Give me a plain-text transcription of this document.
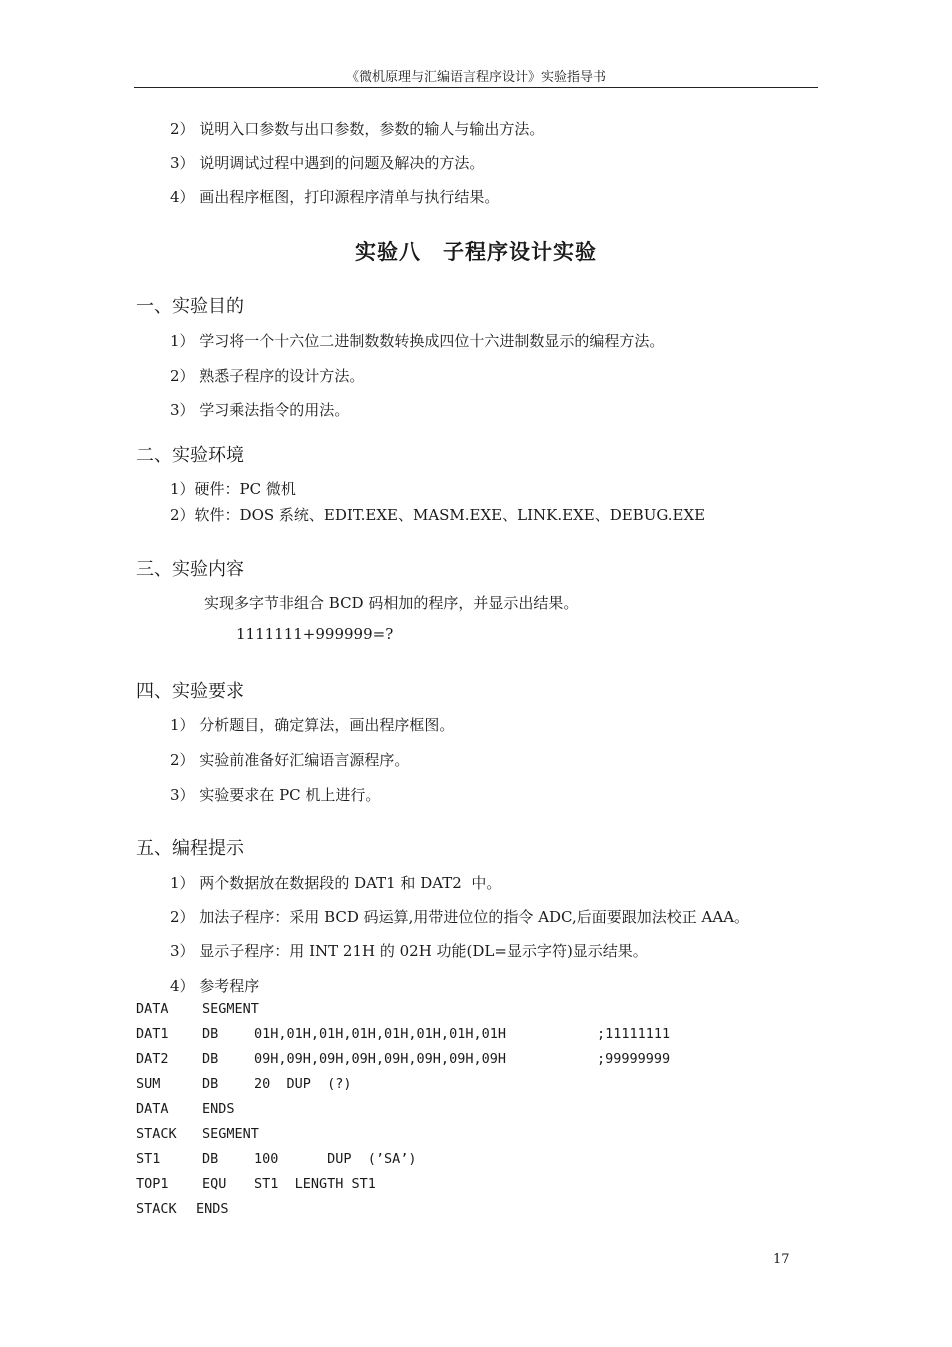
《微机原理与汇编语言程序设计》实验指导书
2） 说明入口参数与出口参数，参数的输人与输出方法。
3） 说明调试过程中遇到的问题及解决的方法。
4） 画出程序框图，打印源程序清单与执行结果。
实验八　子程序设计实验
一、实验目的
1） 学习将一个十六位二进制数数转换成四位十六进制数显示的编程方法。
2） 熟悉子程序的设计方法。
3） 学习乘法指令的用法。
二、实验环境
1）硬件：PC 微机
2）软件：DOS 系统、EDIT.EXE、MASM.EXE、LINK.EXE、DEBUG.EXE
三、实验内容
实现多字节非组合 BCD 码相加的程序，并显示出结果。
1111111+999999=?
四、实验要求
1） 分析题目，确定算法，画出程序框图。
2） 实验前准备好汇编语言源程序。
3） 实验要求在 PC 机上进行。
五、编程提示
1） 两个数据放在数据段的 DAT1 和 DAT2  中。
2） 加法子程序：采用 BCD 码运算,用带进位位的指令 ADC,后面要跟加法校正 AAA。
3） 显示子程序：用 INT 21H 的 02H 功能(DL=显示字符)显示结果。
4） 参考程序
DATA SEGMENT
DAT1 DB	01H,01H,01H,01H,01H,01H,01H,01H	;11111111
DAT2 DB	09H,09H,09H,09H,09H,09H,09H,09H	;99999999
SUM	DB	20  DUP  (?)
DATA ENDS
STACK SEGMENT
ST1	DB	100      DUP  (’SA’)
TOP1 EQU ST1  LENGTH ST1
STACK ENDS
17
